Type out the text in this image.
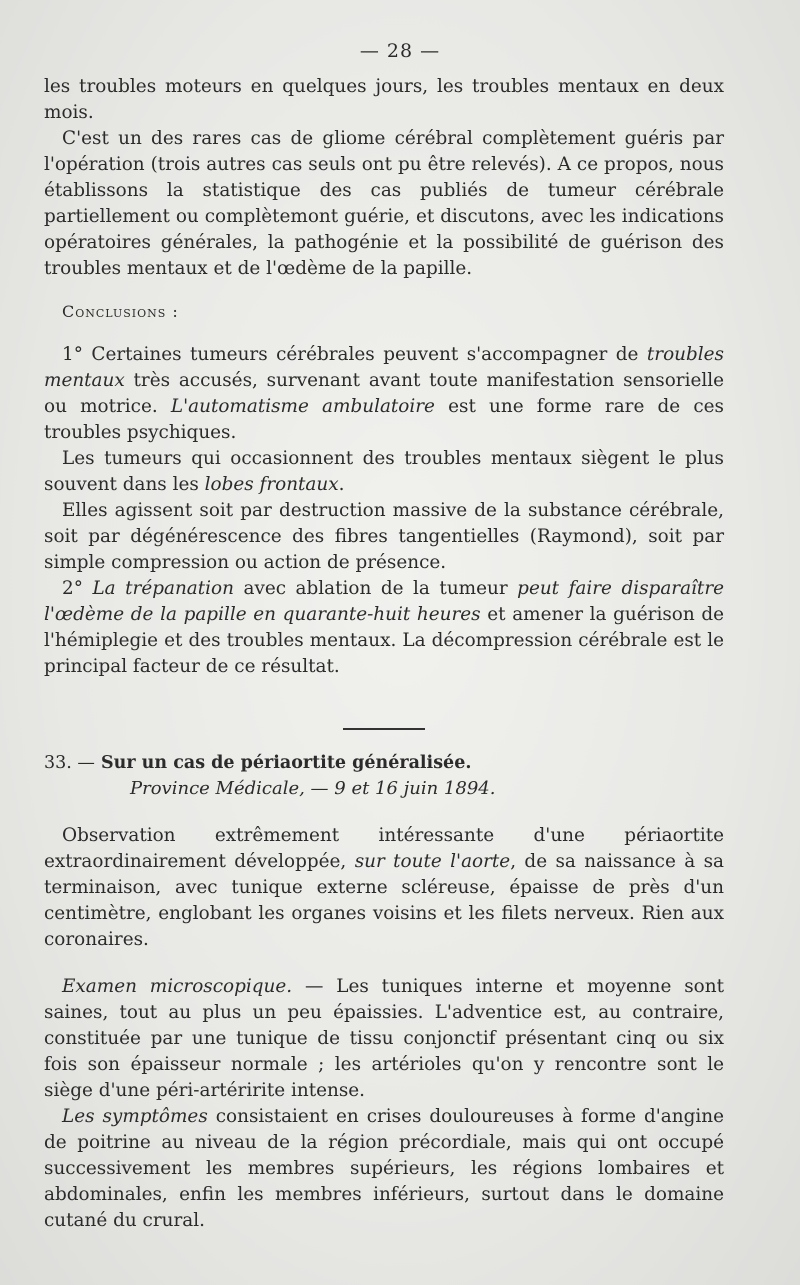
— 28 —

les troubles moteurs en quelques jours, les troubles mentaux en deux mois.

C'est un des rares cas de gliome cérébral complètement guéris par l'opération (trois autres cas seuls ont pu être relevés). A ce propos, nous établissons la statistique des cas publiés de tumeur cérébrale partiellement ou complètemont guérie, et discutons, avec les indications opératoires générales, la pathogénie et la possibilité de guérison des troubles mentaux et de l'œdème de la papille.

Conclusions :

1° Certaines tumeurs cérébrales peuvent s'accompagner de troubles mentaux très accusés, survenant avant toute manifestation sensorielle ou motrice. L'automatisme ambulatoire est une forme rare de ces troubles psychiques.

Les tumeurs qui occasionnent des troubles mentaux siègent le plus souvent dans les lobes frontaux.

Elles agissent soit par destruction massive de la substance cérébrale, soit par dégénérescence des fibres tangentielles (Raymond), soit par simple compression ou action de présence.

2° La trépanation avec ablation de la tumeur peut faire disparaître l'œdème de la papille en quarante-huit heures et amener la guérison de l'hémiplegie et des troubles mentaux. La décompression cérébrale est le principal facteur de ce résultat.

33. — Sur un cas de périaortite généralisée.

Province Médicale, — 9 et 16 juin 1894.

Observation extrêmement intéressante d'une périaortite extraordinairement développée, sur toute l'aorte, de sa naissance à sa terminaison, avec tunique externe scléreuse, épaisse de près d'un centimètre, englobant les organes voisins et les filets nerveux. Rien aux coronaires.

Examen microscopique. — Les tuniques interne et moyenne sont saines, tout au plus un peu épaissies. L'adventice est, au contraire, constituée par une tunique de tissu conjonctif présentant cinq ou six fois son épaisseur normale ; les artérioles qu'on y rencontre sont le siège d'une péri-artéririte intense.

Les symptômes consistaient en crises douloureuses à forme d'angine de poitrine au niveau de la région précordiale, mais qui ont occupé successivement les membres supérieurs, les régions lombaires et abdominales, enfin les membres inférieurs, surtout dans le domaine cutané du crural.
